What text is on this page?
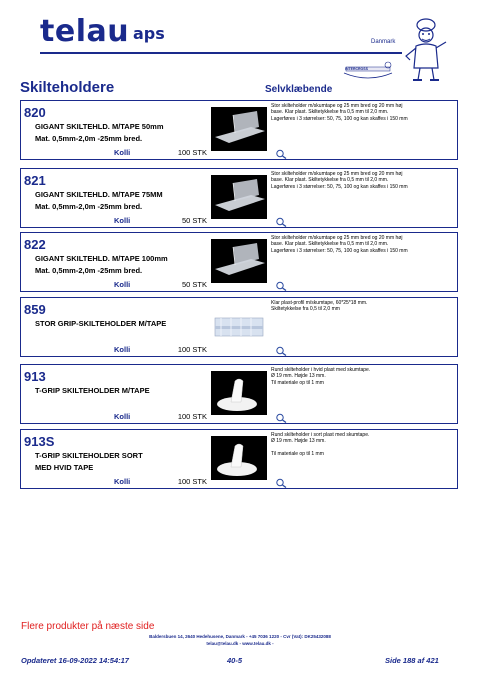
telau aps	Danmark
INTERCROSS
Skilteholdere	Selvklæbende
820
GIGANT SKILTEHLD. M/TAPE 50mm
Mat. 0,5mm-2,0m -25mm bred.
Kolli	100 STK
Stor skilteholder m/skumtape og 25 mm bred og 20 mm høj
base. Klar plast. Skiltetykkelse fra 0,5 mm til 2,0 mm.
Lagerføres i 3 størrelser: 50, 75, 100 og kan skaffes i 150 mm
821
GIGANT SKILTEHLD. M/TAPE 75MM
Mat. 0,5mm-2,0m -25mm bred.
Kolli	50 STK
Stor skilteholder m/skumtape og 25 mm bred og 20 mm høj
base. Klar plast. Skiltetykkelse fra 0,5 mm til 2,0 mm.
Lagerføres i 3 størrelser: 50, 75, 100 og kan skaffes i 150 mm
822
GIGANT SKILTEHLD. M/TAPE 100mm
Mat. 0,5mm-2,0m -25mm bred.
Kolli	50 STK
Stor skilteholder m/skumtape og 25 mm bred og 20 mm høj
base. Klar plast. Skiltetykkelse fra 0,5 mm til 2,0 mm.
Lagerføres i 3 størrelser: 50, 75, 100 og kan skaffes i 150 mm
859
STOR GRIP-SKILTEHOLDER M/TAPE
Kolli	100 STK
Klar plast-profil m/skumtape, 60*25*18 mm.
Skiltetykkelse fra 0,5 til 2,0 mm
913
T-GRIP SKILTEHOLDER M/TAPE
Kolli	100 STK
Rund skilteholder i hvid plast med skumtape.
Ø 19 mm. Højde 13 mm.
Til materiale op til 1 mm
913S
T-GRIP SKILTEHOLDER SORT
MED HVID TAPE
Kolli	100 STK
Rund skilteholder i sort plast med skumtape.
Ø 19 mm. Højde 13 mm.

Til materiale op til 1 mm
Flere produkter på næste side
Baldersbuen 14, 2640 Hedehusene, Danmark - +45 7036 1220 - Cvr (Vat): DK25432088
telau@telau.dk - www.telau.dk -
Opdateret 16-09-2022 14:54:17	40-5	Side 188 af 421
